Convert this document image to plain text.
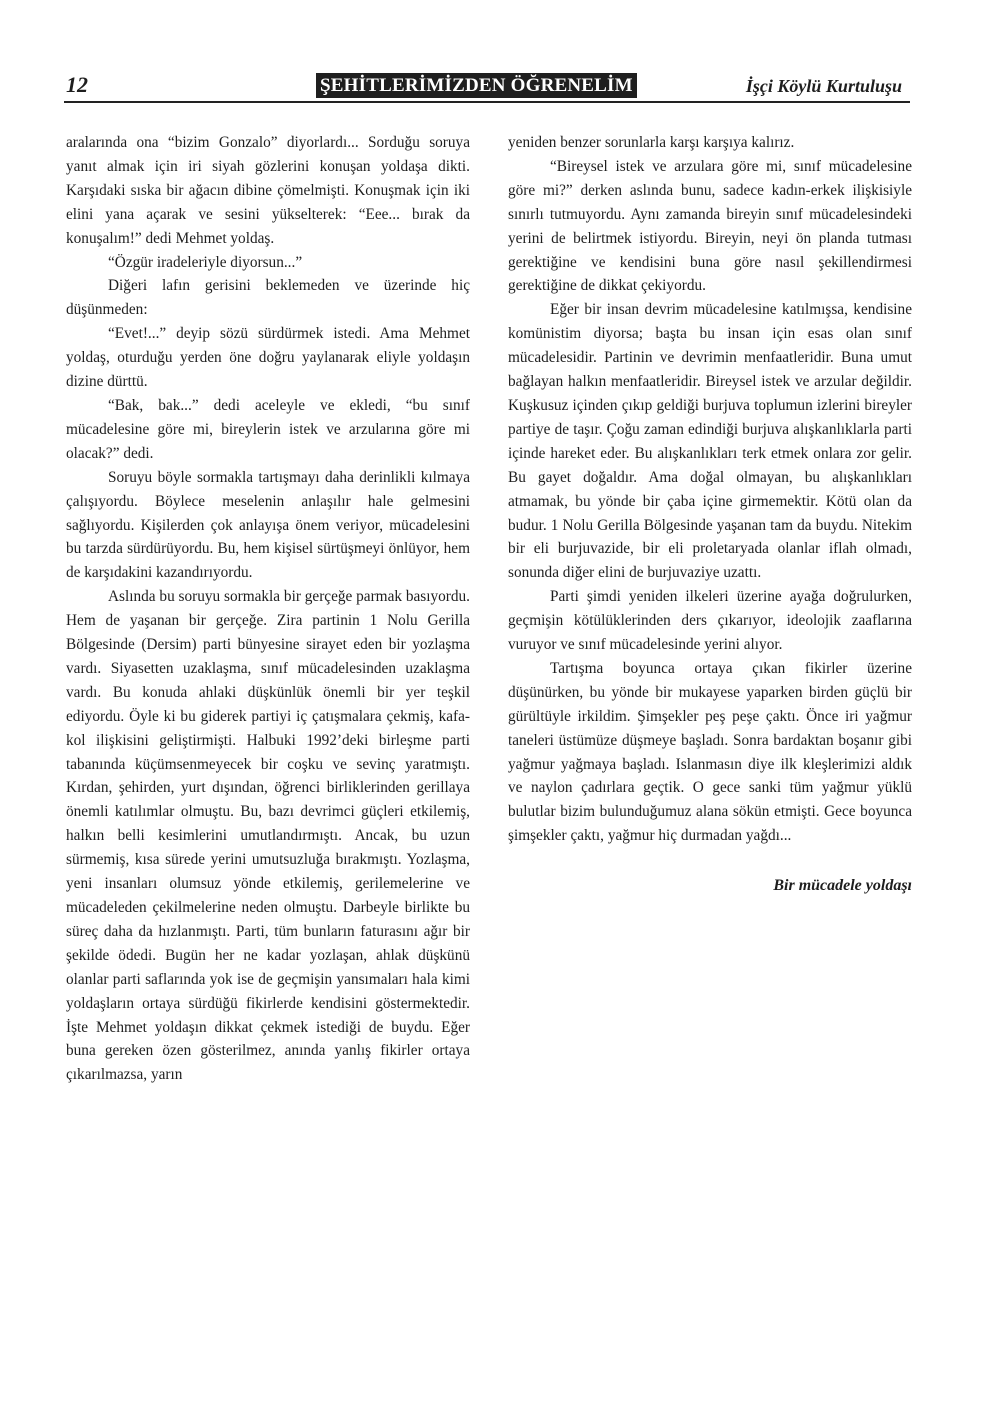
12	ŞEHİTLERİMİZDEN ÖĞRENELİM	İşçi Köylü Kurtuluşu

aralarında ona “bizim Gonzalo” diyorlardı... Sorduğu soruya yanıt almak için iri siyah gözlerini konuşan yoldaşa dikti. Karşıdaki sıska bir ağacın dibine çömelmişti. Konuşmak için iki elini yana açarak ve sesini yükselterek: “Eee... bırak da konuşalım!” dedi Mehmet yoldaş.

“Özgür iradeleriyle diyorsun...”

Diğeri lafın gerisini beklemeden ve üzerinde hiç düşünmeden:

“Evet!...” deyip sözü sürdürmek istedi. Ama Mehmet yoldaş, oturduğu yerden öne doğru yaylanarak eliyle yoldaşın dizine dürttü.

“Bak, bak...” dedi aceleyle ve ekledi, “bu sınıf mücadelesine göre mi, bireylerin istek ve arzularına göre mi olacak?” dedi.

Soruyu böyle sormakla tartışmayı daha derinlikli kılmaya çalışıyordu. Böylece meselenin anlaşılır hale gelmesini sağlıyordu. Kişilerden çok anlayışa önem veriyor, mücadelesini bu tarzda sürdürüyordu. Bu, hem kişisel sürtüşmeyi önlüyor, hem de karşıdakini kazandırıyordu.

Aslında bu soruyu sormakla bir gerçeğe parmak basıyordu. Hem de yaşanan bir gerçeğe. Zira partinin 1 Nolu Gerilla Bölgesinde (Dersim) parti bünyesine sirayet eden bir yozlaşma vardı. Siyasetten uzaklaşma, sınıf mücadelesinden uzaklaşma vardı. Bu konuda ahlaki düşkünlük önemli bir yer teşkil ediyordu. Öyle ki bu giderek partiyi iç çatışmalara çekmiş, kafa-kol ilişkisini geliştirmişti. Halbuki 1992’deki birleşme parti tabanında küçümsenmeyecek bir coşku ve sevinç yaratmıştı. Kırdan, şehirden, yurt dışından, öğrenci birliklerinden gerillaya önemli katılımlar olmuştu. Bu, bazı devrimci güçleri etkilemiş, halkın belli kesimlerini umutlandırmıştı. Ancak, bu uzun sürmemiş, kısa sürede yerini umutsuzluğa bırakmıştı. Yozlaşma, yeni insanları olumsuz yönde etkilemiş, gerilemelerine ve mücadeleden çekilmelerine neden olmuştu. Darbeyle birlikte bu süreç daha da hızlanmıştı. Parti, tüm bunların faturasını ağır bir şekilde ödedi. Bugün her ne kadar yozlaşan, ahlak düşkünü olanlar parti saflarında yok ise de geçmişin yansımaları hala kimi yoldaşların ortaya sürdüğü fikirlerde kendisini göstermektedir. İşte Mehmet yoldaşın dikkat çekmek istediği de buydu. Eğer buna gereken özen gösterilmez, anında yanlış fikirler ortaya çıkarılmazsa, yarın

yeniden benzer sorunlarla karşı karşıya kalırız.

“Bireysel istek ve arzulara göre mi, sınıf mücadelesine göre mi?” derken aslında bunu, sadece kadın-erkek ilişkisiyle sınırlı tutmuyordu. Aynı zamanda bireyin sınıf mücadelesindeki yerini de belirtmek istiyordu. Bireyin, neyi ön planda tutması gerektiğine ve kendisini buna göre nasıl şekillendirmesi gerektiğine de dikkat çekiyordu.

Eğer bir insan devrim mücadelesine katılmışsa, kendisine komünistim diyorsa; başta bu insan için esas olan sınıf mücadelesidir. Partinin ve devrimin menfaatleridir. Buna umut bağlayan halkın menfaatleridir. Bireysel istek ve arzular değildir. Kuşkusuz içinden çıkıp geldiği burjuva toplumun izlerini bireyler partiye de taşır. Çoğu zaman edindiği burjuva alışkanlıklarla parti içinde hareket eder. Bu alışkanlıkları terk etmek onlara zor gelir. Bu gayet doğaldır. Ama doğal olmayan, bu alışkanlıkları atmamak, bu yönde bir çaba içine girmemektir. Kötü olan da budur. 1 Nolu Gerilla Bölgesinde yaşanan tam da buydu. Nitekim bir eli burjuvazide, bir eli proletaryada olanlar iflah olmadı, sonunda diğer elini de burjuvaziye uzattı.

Parti şimdi yeniden ilkeleri üzerine ayağa doğrulurken, geçmişin kötülüklerinden ders çıkarıyor, ideolojik zaaflarına vuruyor ve sınıf mücadelesinde yerini alıyor.

Tartışma boyunca ortaya çıkan fikirler üzerine düşünürken, bu yönde bir mukayese yaparken birden güçlü bir gürültüyle irkildim. Şimşekler peş peşe çaktı. Önce iri yağmur taneleri üstümüze düşmeye başladı. Sonra bardaktan boşanır gibi yağmur yağmaya başladı. Islanmasın diye ilk kleşlerimizi aldık ve naylon çadırlara geçtik. O gece sanki tüm yağmur yüklü bulutlar bizim bulunduğumuz alana sökün etmişti. Gece boyunca şimşekler çaktı, yağmur hiç durmadan yağdı...

Bir mücadele yoldaşı
